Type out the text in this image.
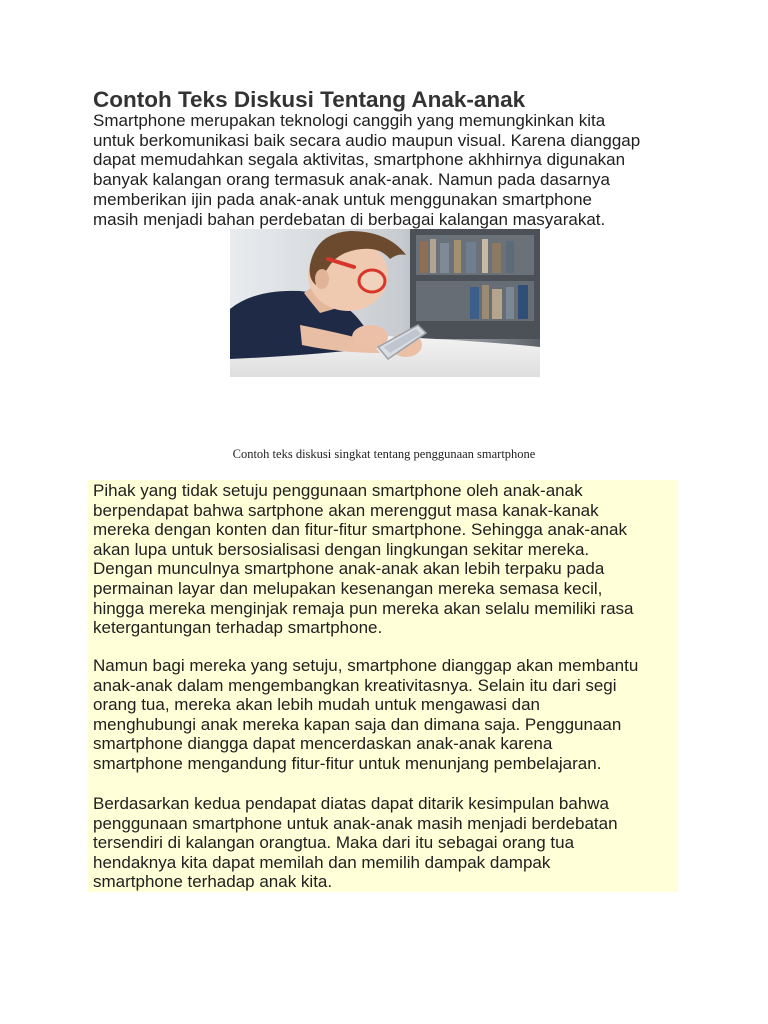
Contoh Teks Diskusi Tentang Anak-anak

Smartphone merupakan teknologi canggih yang memungkinkan kita
untuk berkomunikasi baik secara audio maupun visual. Karena dianggap
dapat memudahkan segala aktivitas, smartphone akhhirnya digunakan
banyak kalangan orang termasuk anak-anak. Namun pada dasarnya
memberikan ijin pada anak-anak untuk menggunakan smartphone
masih menjadi bahan perdebatan di berbagai kalangan masyarakat.

Contoh teks diskusi singkat tentang penggunaan smartphone

Pihak yang tidak setuju penggunaan smartphone oleh anak-anak
berpendapat bahwa sartphone akan merenggut masa kanak-kanak
mereka dengan konten dan fitur-fitur smartphone. Sehingga anak-anak
akan lupa untuk bersosialisasi dengan lingkungan sekitar mereka.
Dengan munculnya smartphone anak-anak akan lebih terpaku pada
permainan layar dan melupakan kesenangan mereka semasa kecil,
hingga mereka menginjak remaja pun mereka akan selalu memiliki rasa
ketergantungan terhadap smartphone.

Namun bagi mereka yang setuju, smartphone dianggap akan membantu
anak-anak dalam mengembangkan kreativitasnya. Selain itu dari segi
orang tua, mereka akan lebih mudah untuk mengawasi dan
menghubungi anak mereka kapan saja dan dimana saja. Penggunaan
smartphone diangga dapat mencerdaskan anak-anak karena
smartphone mengandung fitur-fitur untuk menunjang pembelajaran.

Berdasarkan kedua pendapat diatas dapat ditarik kesimpulan bahwa
penggunaan smartphone untuk anak-anak masih menjadi berdebatan
tersendiri di kalangan orangtua. Maka dari itu sebagai orang tua
hendaknya kita dapat memilah dan memilih dampak dampak
smartphone terhadap anak kita.
